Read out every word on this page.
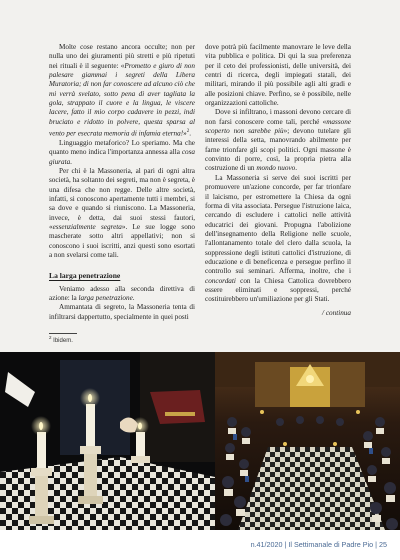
Molte cose restano ancora occulte; non per nulla uno dei giuramenti più stretti e più ripetuti nei rituali è il seguente: «Prometto e giuro di non palesare giammai i segreti della Libera Muratoria; di non far conoscere ad alcuno ciò che mi verrà svelato, sotto pena di aver tagliata la gola, strappato il cuore e la lingua, le viscere lacere, fatto il mio corpo cadavere in pezzi, indi bruciato e ridotto in polvere, questa sparsa al vento per esecrata memoria di infamia eterna!»$^2$.

Linguaggio metaforico? Lo speriamo. Ma che quanto meno indica l'importanza annessa alla cosa giurata.

Per chi è la Massoneria, al pari di ogni altra società, ha soltanto dei segreti, ma non è segreta, è una difesa che non regge. Delle altre società, infatti, si conoscono apertamente tutti i membri, si sa dove e quando si riuniscono. La Massoneria, invece, è detta, dai suoi stessi fautori, «essenzialmente segreta». Le sue logge sono mascherate sotto altri appellativi; non si conoscono i suoi iscritti, anzi questi sono esortati a non svelarsi come tali.

La larga penetrazione

Veniamo adesso alla seconda direttiva di azione: la larga penetrazione.

Ammantata di segreto, la Massoneria tenta di infiltrarsi dappertutto, specialmente in quei posti

dove potrà più facilmente manovrare le leve della vita pubblica e politica. Di qui la sua preferenza per il ceto dei professionisti, delle università, dei centri di ricerca, degli impiegati statali, dei militari, mirando il più possibile agli alti gradi e alle posizioni chiave. Perfino, se è possibile, nelle organizzazioni cattoliche.

Dove si infiltrano, i massoni devono cercare di non farsi conoscere come tali, perché «massone scoperto non sarebbe più»; devono tutelare gli interessi della setta, manovrando abilmente per farne trionfare gli scopi politici. Ogni massone è convinto di porre, così, la propria pietra alla costruzione di un mondo nuovo.

La Massoneria si serve dei suoi iscritti per promuovere un'azione concorde, per far trionfare il laicismo, per estromettere la Chiesa da ogni forma di vita associata. Persegue l'istruzione laica, cercando di escludere i cattolici nelle attività educatrici dei giovani. Propugna l'abolizione dell'insegnamento della Religione nelle scuole, l'allontanamento totale del clero dalla scuola, la soppressione degli istituti cattolici d'istruzione, di educazione e di beneficenza e persegue perfino il controllo sui seminari. Afferma, inoltre, che i concordati con la Chiesa Cattolica dovrebbero essere eliminati e soppressi, perché costituirebbero un'umiliazione per gli Stati.

/ continua

$^2$ Ibidem.
n.41/2020 | Il Settimanale di Padre Pio | 25
